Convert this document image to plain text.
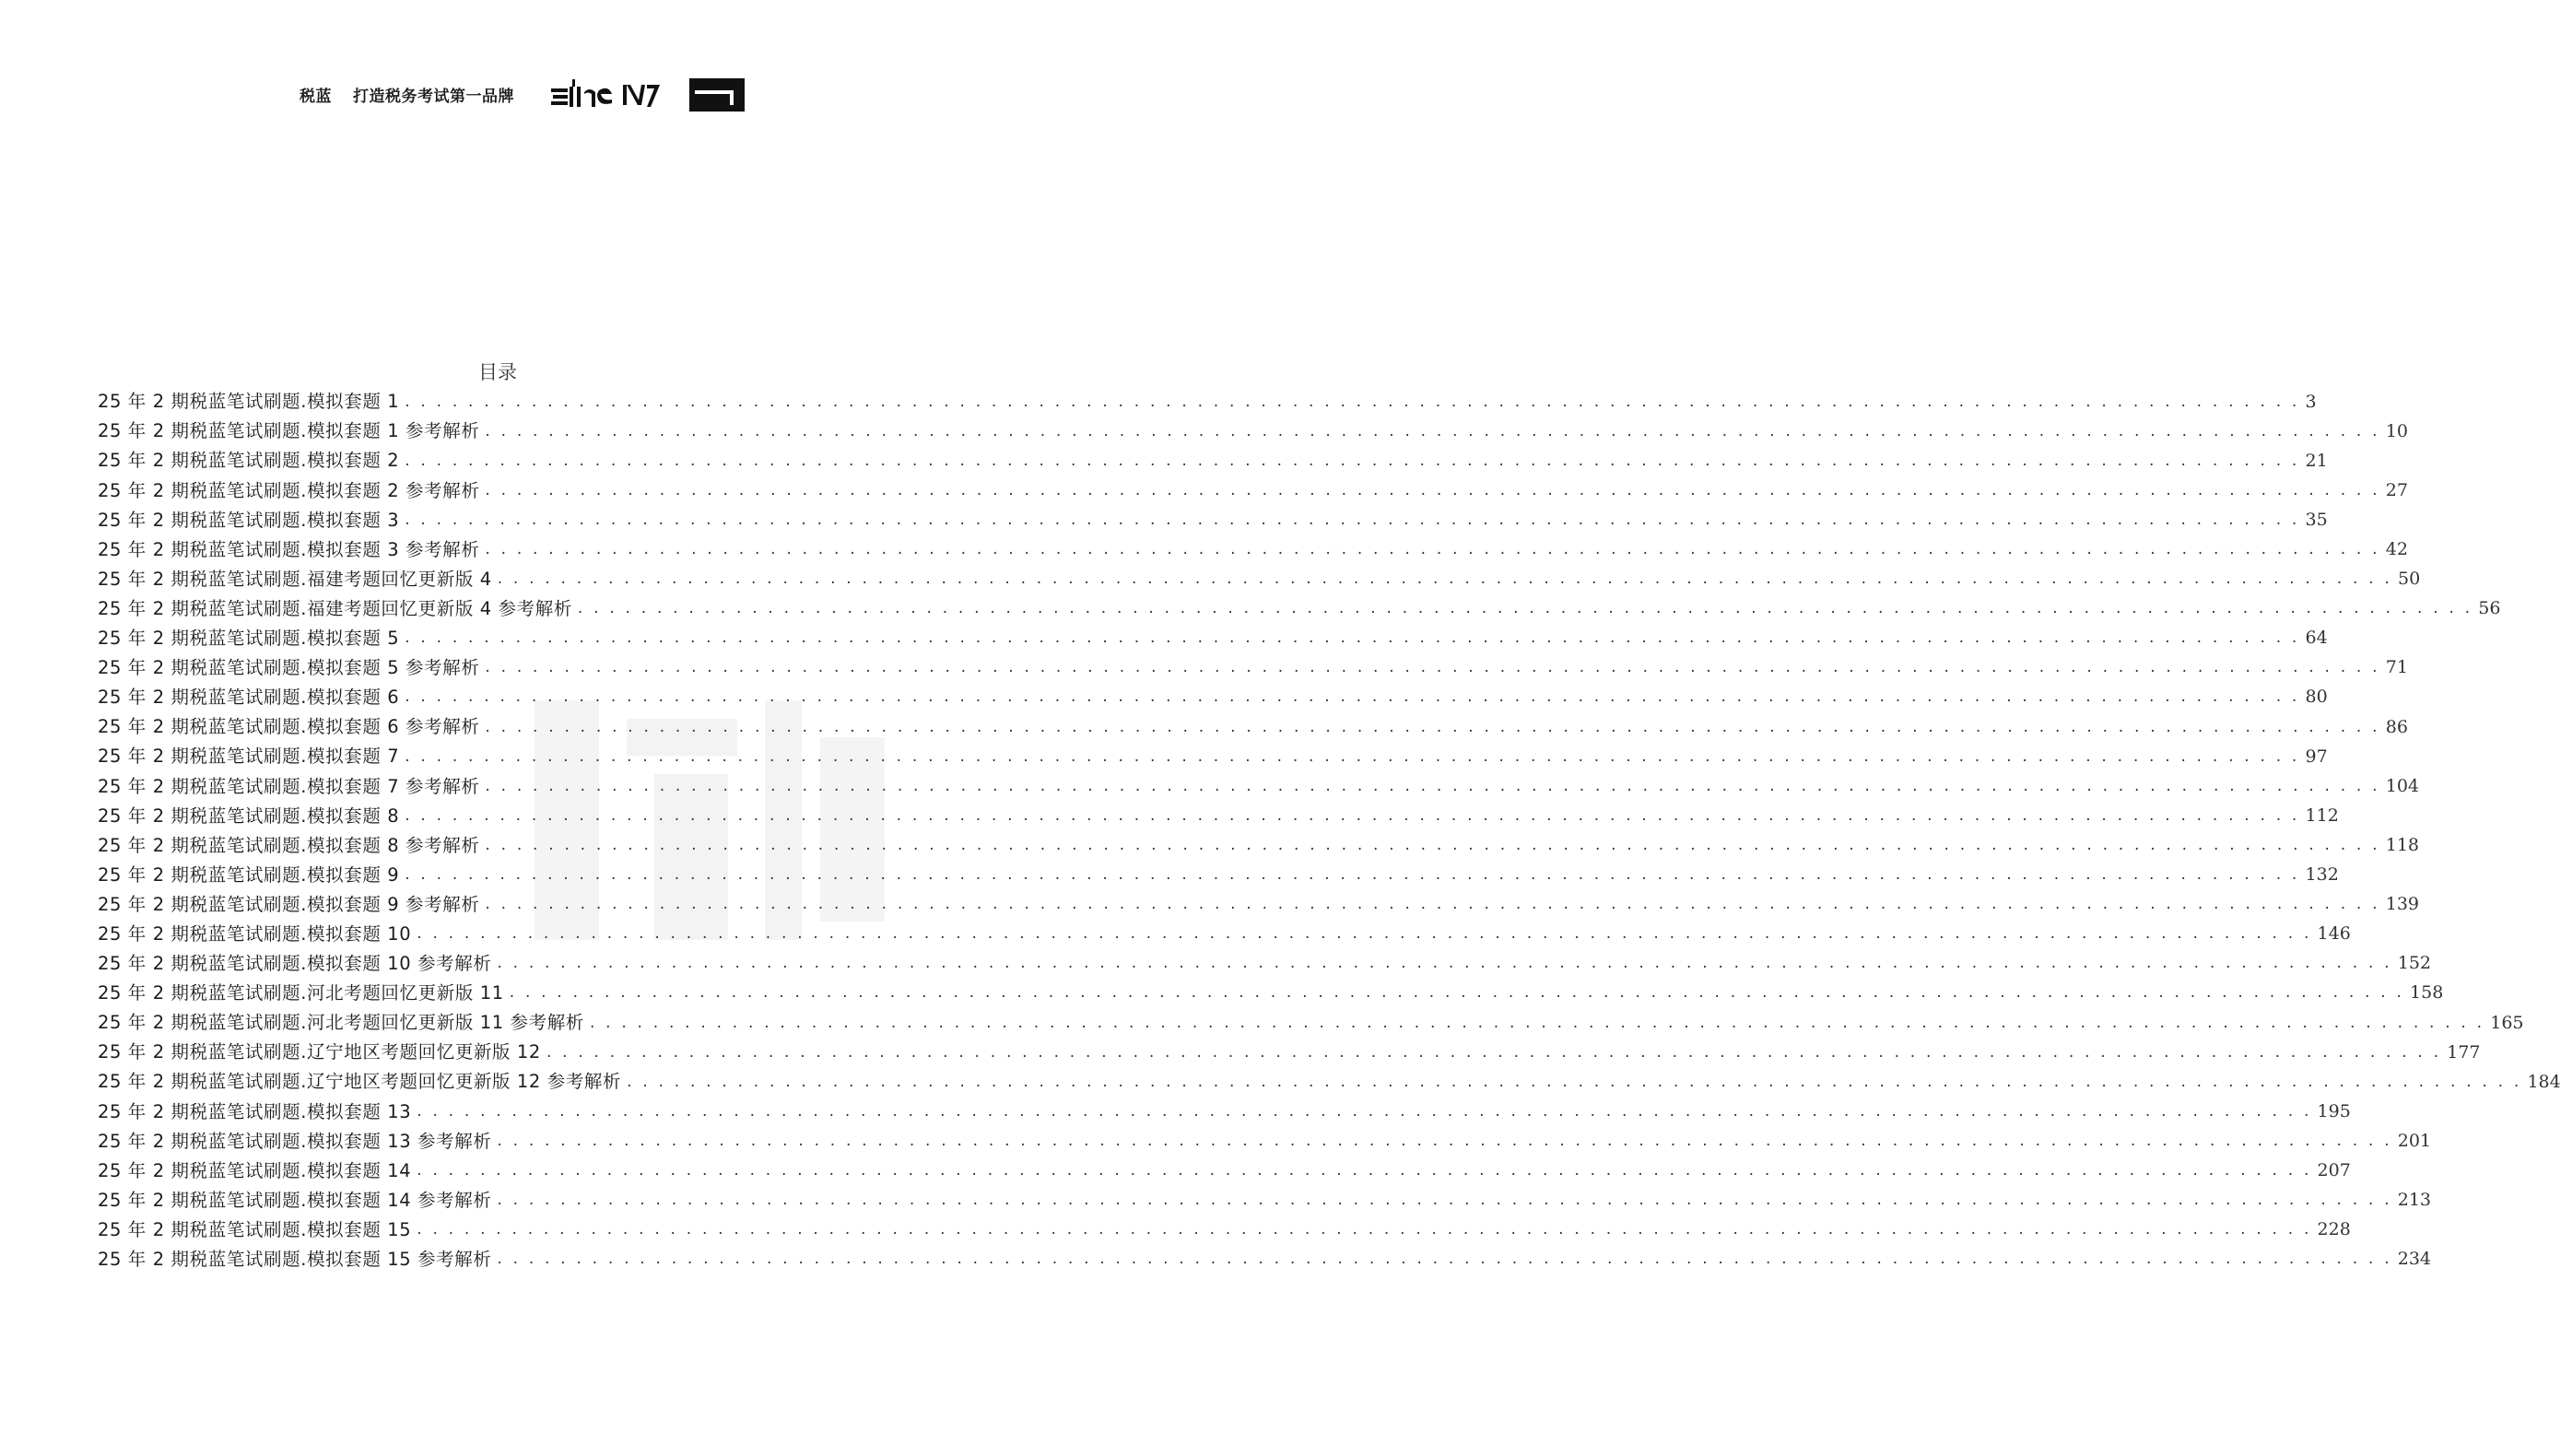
税蓝 打造税务考试第一品牌
目录
25 年 2 期税蓝笔试刷题.模拟套题 1 . . . . . . . . . . . . . . . . . . . . . . . . . . . . . . . . . . . . . . . . . . . . . . . . . . . . . . . . . . . . . . . . . . . . . . . . . . . . . . . . . . . . . . . . . . . . . . . . . . . . . . . . . . . . . . . . . . . . . . . . 3
25 年 2 期税蓝笔试刷题.模拟套题 1 参考解析 . . . . . . . . . . . . . . . . . . . . . . . . . . . . . . . . . . . . . . . . . . . . . . . . . . . . . . . . . . . . . . . . . . . . . . . . . . . . . . . . . . . . . . . . . . . . . . . . . . . . . . . . . . . . . . . . . . . . . . . . 10
25 年 2 期税蓝笔试刷题.模拟套题 2 . . . . . . . . . . . . . . . . . . . . . . . . . . . . . . . . . . . . . . . . . . . . . . . . . . . . . . . . . . . . . . . . . . . . . . . . . . . . . . . . . . . . . . . . . . . . . . . . . . . . . . . . . . . . . . . . . . . . . . . . 21
25 年 2 期税蓝笔试刷题.模拟套题 2 参考解析 . . . . . . . . . . . . . . . . . . . . . . . . . . . . . . . . . . . . . . . . . . . . . . . . . . . . . . . . . . . . . . . . . . . . . . . . . . . . . . . . . . . . . . . . . . . . . . . . . . . . . . . . . . . . . . . . . . . . . . . . 27
25 年 2 期税蓝笔试刷题.模拟套题 3 . . . . . . . . . . . . . . . . . . . . . . . . . . . . . . . . . . . . . . . . . . . . . . . . . . . . . . . . . . . . . . . . . . . . . . . . . . . . . . . . . . . . . . . . . . . . . . . . . . . . . . . . . . . . . . . . . . . . . . . . 35
25 年 2 期税蓝笔试刷题.模拟套题 3 参考解析 . . . . . . . . . . . . . . . . . . . . . . . . . . . . . . . . . . . . . . . . . . . . . . . . . . . . . . . . . . . . . . . . . . . . . . . . . . . . . . . . . . . . . . . . . . . . . . . . . . . . . . . . . . . . . . . . . . . . . . . . 42
25 年 2 期税蓝笔试刷题.福建考题回忆更新版 4 . . . . . . . . . . . . . . . . . . . . . . . . . . . . . . . . . . . . . . . . . . . . . . . . . . . . . . . . . . . . . . . . . . . . . . . . . . . . . . . . . . . . . . . . . . . . . . . . . . . . . . . . . . . . . . . . . . . . . . . . 50
25 年 2 期税蓝笔试刷题.福建考题回忆更新版 4 参考解析 . . . . . . . . . . . . . . . . . . . . . . . . . . . . . . . . . . . . . . . . . . . . . . . . . . . . . . . . . . . . . . . . . . . . . . . . . . . . . . . . . . . . . . . . . . . . . . . . . . . . . . . . . . . . . . . . . . . . . . . . 56
25 年 2 期税蓝笔试刷题.模拟套题 5 . . . . . . . . . . . . . . . . . . . . . . . . . . . . . . . . . . . . . . . . . . . . . . . . . . . . . . . . . . . . . . . . . . . . . . . . . . . . . . . . . . . . . . . . . . . . . . . . . . . . . . . . . . . . . . . . . . . . . . . . 64
25 年 2 期税蓝笔试刷题.模拟套题 5 参考解析 . . . . . . . . . . . . . . . . . . . . . . . . . . . . . . . . . . . . . . . . . . . . . . . . . . . . . . . . . . . . . . . . . . . . . . . . . . . . . . . . . . . . . . . . . . . . . . . . . . . . . . . . . . . . . . . . . . . . . . . . 71
25 年 2 期税蓝笔试刷题.模拟套题 6 . . . . . . . . . . . . . . . . . . . . . . . . . . . . . . . . . . . . . . . . . . . . . . . . . . . . . . . . . . . . . . . . . . . . . . . . . . . . . . . . . . . . . . . . . . . . . . . . . . . . . . . . . . . . . . . . . . . . . . . . 80
25 年 2 期税蓝笔试刷题.模拟套题 6 参考解析 . . . . . . . . . . . . . . . . . . . . . . . . . . . . . . . . . . . . . . . . . . . . . . . . . . . . . . . . . . . . . . . . . . . . . . . . . . . . . . . . . . . . . . . . . . . . . . . . . . . . . . . . . . . . . . . . . . . . . . . . 86
25 年 2 期税蓝笔试刷题.模拟套题 7 . . . . . . . . . . . . . . . . . . . . . . . . . . . . . . . . . . . . . . . . . . . . . . . . . . . . . . . . . . . . . . . . . . . . . . . . . . . . . . . . . . . . . . . . . . . . . . . . . . . . . . . . . . . . . . . . . . . . . . . . 97
25 年 2 期税蓝笔试刷题.模拟套题 7 参考解析 . . . . . . . . . . . . . . . . . . . . . . . . . . . . . . . . . . . . . . . . . . . . . . . . . . . . . . . . . . . . . . . . . . . . . . . . . . . . . . . . . . . . . . . . . . . . . . . . . . . . . . . . . . . . . . . . . . . . . . . . 104
25 年 2 期税蓝笔试刷题.模拟套题 8 . . . . . . . . . . . . . . . . . . . . . . . . . . . . . . . . . . . . . . . . . . . . . . . . . . . . . . . . . . . . . . . . . . . . . . . . . . . . . . . . . . . . . . . . . . . . . . . . . . . . . . . . . . . . . . . . . . . . . . . . 112
25 年 2 期税蓝笔试刷题.模拟套题 8 参考解析 . . . . . . . . . . . . . . . . . . . . . . . . . . . . . . . . . . . . . . . . . . . . . . . . . . . . . . . . . . . . . . . . . . . . . . . . . . . . . . . . . . . . . . . . . . . . . . . . . . . . . . . . . . . . . . . . . . . . . . . . 118
25 年 2 期税蓝笔试刷题.模拟套题 9 . . . . . . . . . . . . . . . . . . . . . . . . . . . . . . . . . . . . . . . . . . . . . . . . . . . . . . . . . . . . . . . . . . . . . . . . . . . . . . . . . . . . . . . . . . . . . . . . . . . . . . . . . . . . . . . . . . . . . . . . 132
25 年 2 期税蓝笔试刷题.模拟套题 9 参考解析 . . . . . . . . . . . . . . . . . . . . . . . . . . . . . . . . . . . . . . . . . . . . . . . . . . . . . . . . . . . . . . . . . . . . . . . . . . . . . . . . . . . . . . . . . . . . . . . . . . . . . . . . . . . . . . . . . . . . . . . . 139
25 年 2 期税蓝笔试刷题.模拟套题 10 . . . . . . . . . . . . . . . . . . . . . . . . . . . . . . . . . . . . . . . . . . . . . . . . . . . . . . . . . . . . . . . . . . . . . . . . . . . . . . . . . . . . . . . . . . . . . . . . . . . . . . . . . . . . . . . . . . . . . . . . 146
25 年 2 期税蓝笔试刷题.模拟套题 10 参考解析 . . . . . . . . . . . . . . . . . . . . . . . . . . . . . . . . . . . . . . . . . . . . . . . . . . . . . . . . . . . . . . . . . . . . . . . . . . . . . . . . . . . . . . . . . . . . . . . . . . . . . . . . . . . . . . . . . . . . . . . . 152
25 年 2 期税蓝笔试刷题.河北考题回忆更新版 11 . . . . . . . . . . . . . . . . . . . . . . . . . . . . . . . . . . . . . . . . . . . . . . . . . . . . . . . . . . . . . . . . . . . . . . . . . . . . . . . . . . . . . . . . . . . . . . . . . . . . . . . . . . . . . . . . . . . . . . . . 158
25 年 2 期税蓝笔试刷题.河北考题回忆更新版 11 参考解析 . . . . . . . . . . . . . . . . . . . . . . . . . . . . . . . . . . . . . . . . . . . . . . . . . . . . . . . . . . . . . . . . . . . . . . . . . . . . . . . . . . . . . . . . . . . . . . . . . . . . . . . . . . . . . . . . . . . . . . . . 165
25 年 2 期税蓝笔试刷题.辽宁地区考题回忆更新版 12 . . . . . . . . . . . . . . . . . . . . . . . . . . . . . . . . . . . . . . . . . . . . . . . . . . . . . . . . . . . . . . . . . . . . . . . . . . . . . . . . . . . . . . . . . . . . . . . . . . . . . . . . . . . . . . . . . . . . . . . . 177
25 年 2 期税蓝笔试刷题.辽宁地区考题回忆更新版 12 参考解析 . . . . . . . . . . . . . . . . . . . . . . . . . . . . . . . . . . . . . . . . . . . . . . . . . . . . . . . . . . . . . . . . . . . . . . . . . . . . . . . . . . . . . . . . . . . . . . . . . . . . . . . . . . . . . . . . . . . . . . . . 184
25 年 2 期税蓝笔试刷题.模拟套题 13 . . . . . . . . . . . . . . . . . . . . . . . . . . . . . . . . . . . . . . . . . . . . . . . . . . . . . . . . . . . . . . . . . . . . . . . . . . . . . . . . . . . . . . . . . . . . . . . . . . . . . . . . . . . . . . . . . . . . . . . . 195
25 年 2 期税蓝笔试刷题.模拟套题 13 参考解析 . . . . . . . . . . . . . . . . . . . . . . . . . . . . . . . . . . . . . . . . . . . . . . . . . . . . . . . . . . . . . . . . . . . . . . . . . . . . . . . . . . . . . . . . . . . . . . . . . . . . . . . . . . . . . . . . . . . . . . . . 201
25 年 2 期税蓝笔试刷题.模拟套题 14 . . . . . . . . . . . . . . . . . . . . . . . . . . . . . . . . . . . . . . . . . . . . . . . . . . . . . . . . . . . . . . . . . . . . . . . . . . . . . . . . . . . . . . . . . . . . . . . . . . . . . . . . . . . . . . . . . . . . . . . . 207
25 年 2 期税蓝笔试刷题.模拟套题 14 参考解析 . . . . . . . . . . . . . . . . . . . . . . . . . . . . . . . . . . . . . . . . . . . . . . . . . . . . . . . . . . . . . . . . . . . . . . . . . . . . . . . . . . . . . . . . . . . . . . . . . . . . . . . . . . . . . . . . . . . . . . . . 213
25 年 2 期税蓝笔试刷题.模拟套题 15 . . . . . . . . . . . . . . . . . . . . . . . . . . . . . . . . . . . . . . . . . . . . . . . . . . . . . . . . . . . . . . . . . . . . . . . . . . . . . . . . . . . . . . . . . . . . . . . . . . . . . . . . . . . . . . . . . . . . . . . . 228
25 年 2 期税蓝笔试刷题.模拟套题 15 参考解析 . . . . . . . . . . . . . . . . . . . . . . . . . . . . . . . . . . . . . . . . . . . . . . . . . . . . . . . . . . . . . . . . . . . . . . . . . . . . . . . . . . . . . . . . . . . . . . . . . . . . . . . . . . . . . . . . . . . . . . . . 234
